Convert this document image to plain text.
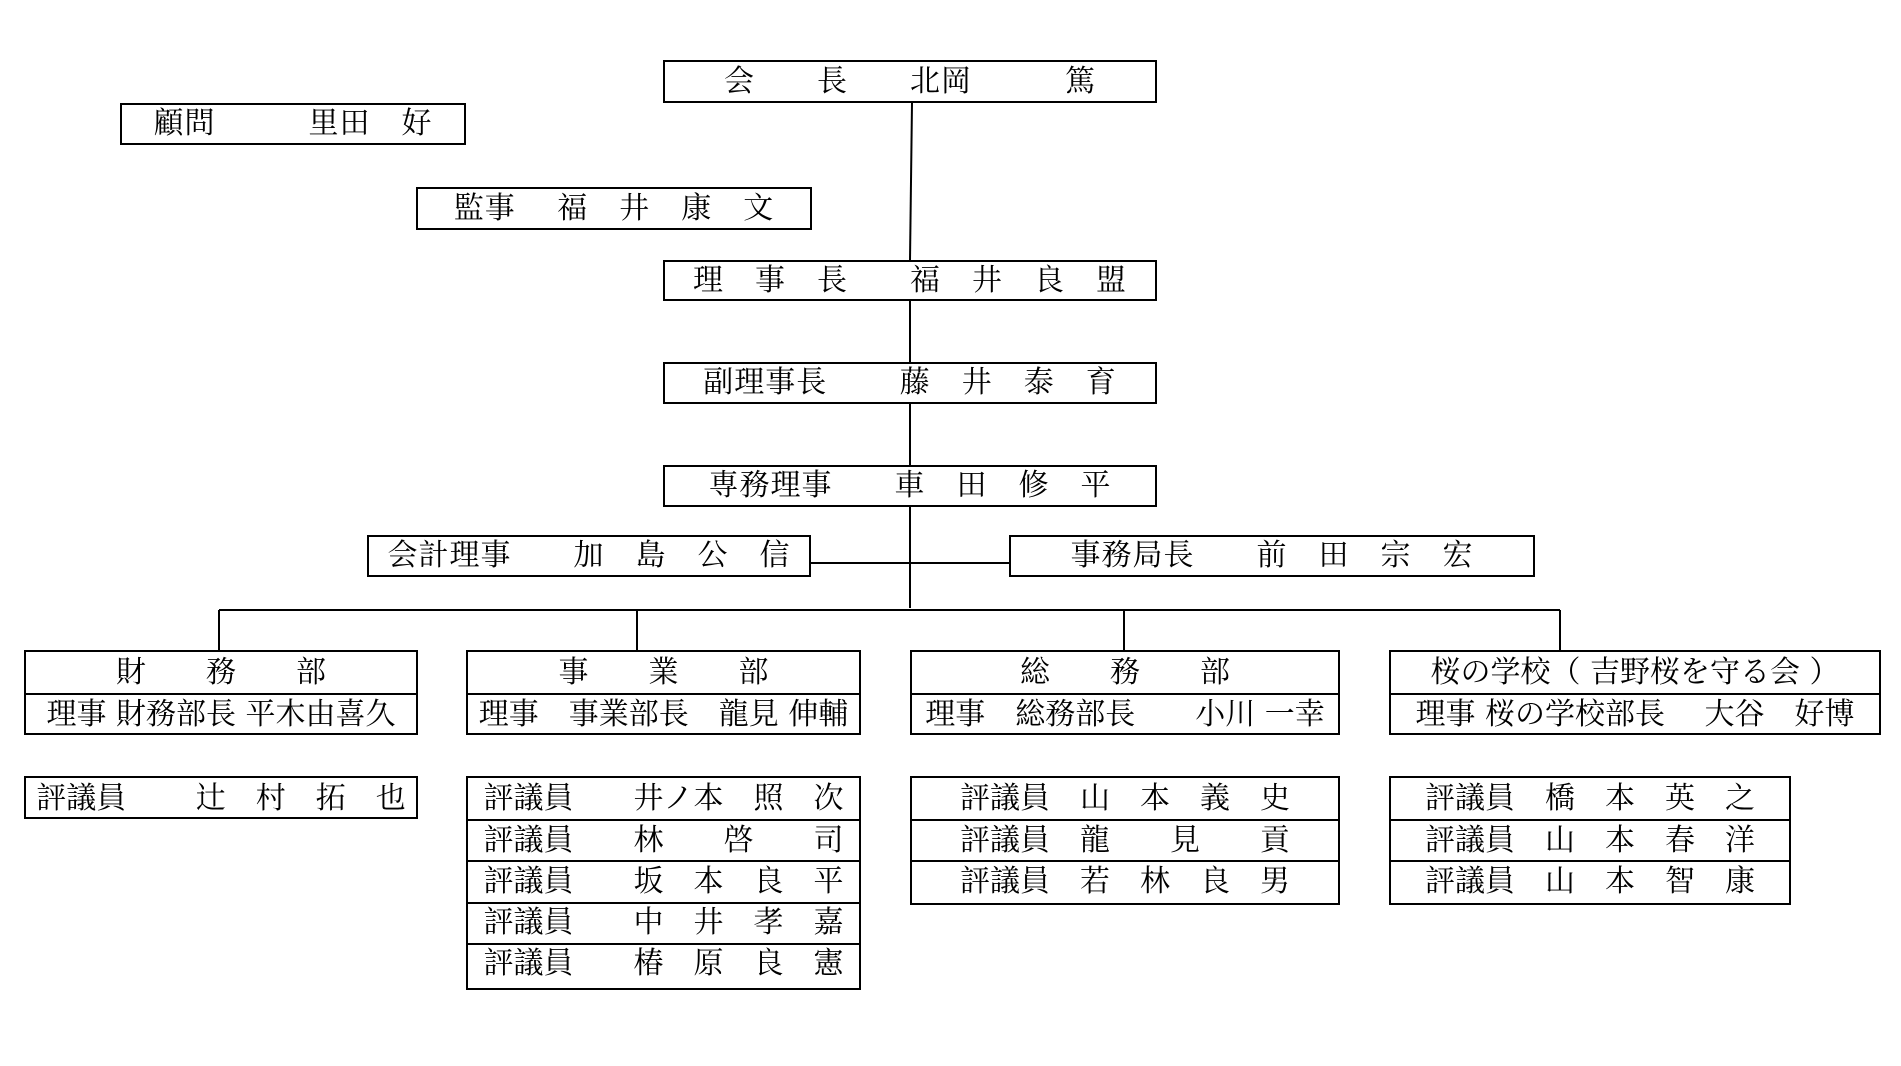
会　　長　　北岡　　　篤
顧問　　　里田　好
監事　 福　井　康　文
理　事　長　　福　井　良　盟
副理事長　　 藤　井　泰　育
専務理事　　車　田　修　平
会計理事　　加　島　公　信	事務局長　　前　田　宗　宏
財　　務　　部
理事 財務部長 平木由喜久
評議員　　 辻　村　拓　也
事　　業　　部
理事　事業部長　龍見 伸輔
評議員　　井ノ本　照　次
評議員　　林　　啓　　司
評議員　　坂　本　良　平
評議員　　中　井　孝　嘉
評議員　　椿　原　良　憲
総　　務　　部
理事　総務部長　　小川 一幸
評議員　山　本　義　史
評議員　龍　　見　　貢
評議員　若　林　良　男
桜の学校（ 吉野桜を守る会 ）
理事 桜の学校部長　 大谷　好博
評議員　橋　本　英　之
評議員　山　本　春　洋
評議員　山　本　智　康
